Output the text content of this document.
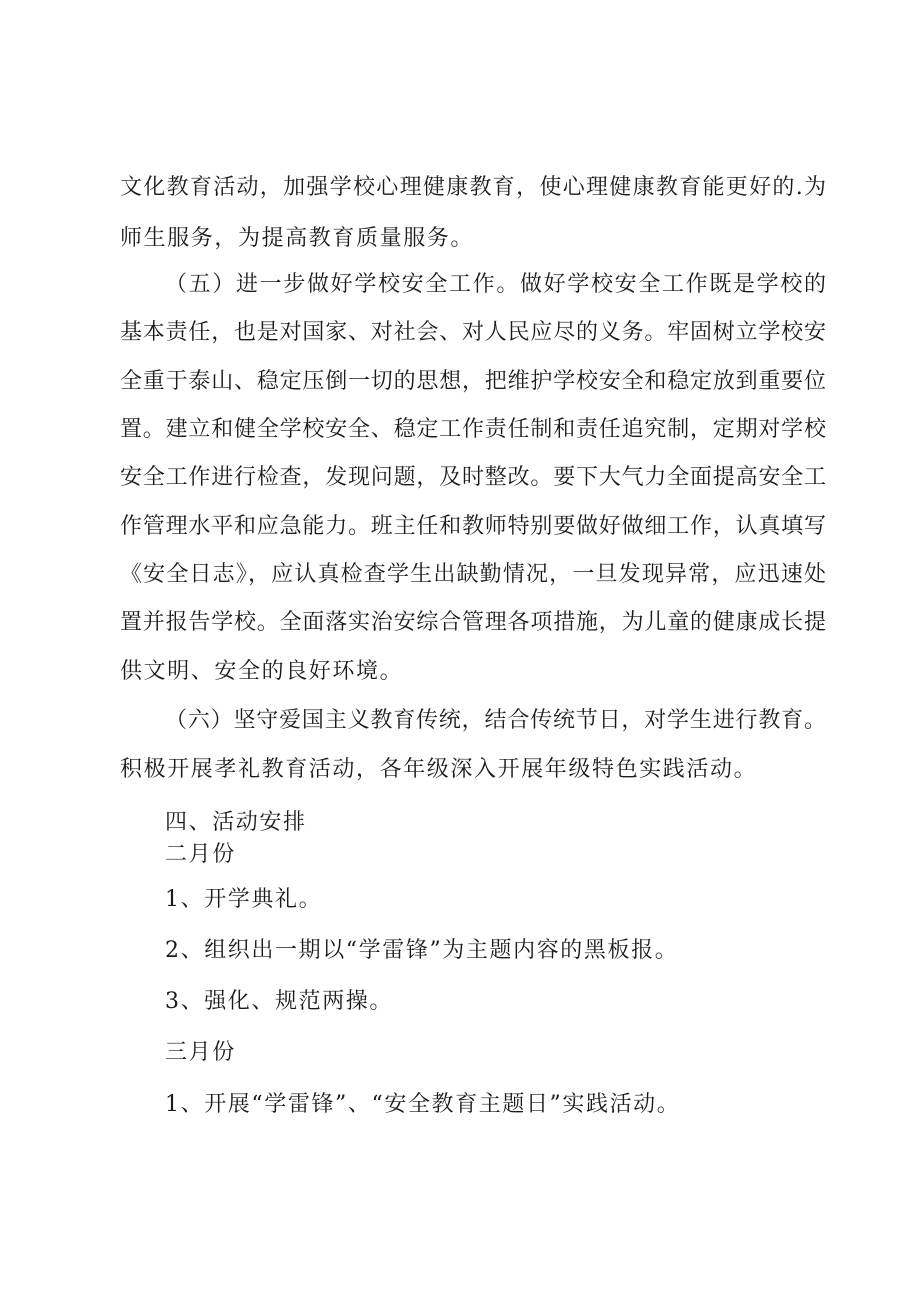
文化教育活动，加强学校心理健康教育，使心理健康教育能更好的.为
师生服务，为提高教育质量服务。
（五）进一步做好学校安全工作。做好学校安全工作既是学校的
基本责任，也是对国家、对社会、对人民应尽的义务。牢固树立学校安
全重于泰山、稳定压倒一切的思想，把维护学校安全和稳定放到重要位
置。建立和健全学校安全、稳定工作责任制和责任追究制，定期对学校
安全工作进行检查，发现问题，及时整改。要下大气力全面提高安全工
作管理水平和应急能力。班主任和教师特别要做好做细工作，认真填写
《安全日志》，应认真检查学生出缺勤情况，一旦发现异常，应迅速处
置并报告学校。全面落实治安综合管理各项措施，为儿童的健康成长提
供文明、安全的良好环境。
（六）坚守爱国主义教育传统，结合传统节日，对学生进行教育。
积极开展孝礼教育活动，各年级深入开展年级特色实践活动。
四、活动安排
二月份
1、开学典礼。
2、组织出一期以“学雷锋”为主题内容的黑板报。
3、强化、规范两操。
三月份
1、开展“学雷锋”、“安全教育主题日”实践活动。
